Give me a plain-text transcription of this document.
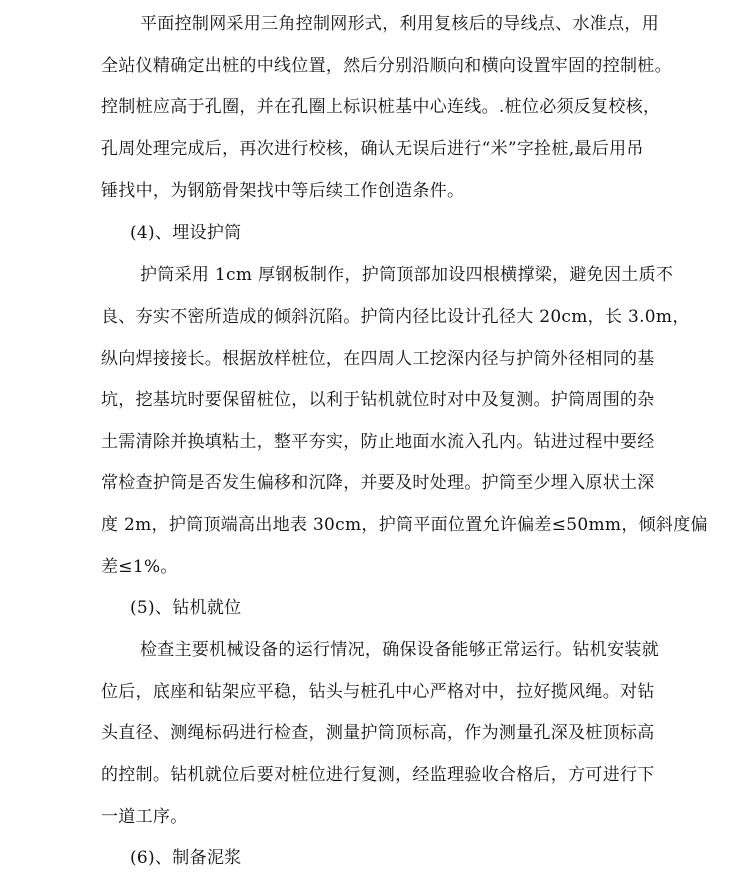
平面控制网采用三角控制网形式，利用复核后的导线点、水准点，用
全站仪精确定出桩的中线位置，然后分别沿顺向和横向设置牢固的控制桩。
控制桩应高于孔圈，并在孔圈上标识桩基中心连线。.桩位必须反复校核，
孔周处理完成后，再次进行校核，确认无误后进行“米”字拴桩,最后用吊
锤找中，为钢筋骨架找中等后续工作创造条件。
(4)、埋设护筒
护筒采用 1cm 厚钢板制作，护筒顶部加设四根横撑梁，避免因土质不
良、夯实不密所造成的倾斜沉陷。护筒内径比设计孔径大 20cm，长 3.0m，
纵向焊接接长。根据放样桩位，在四周人工挖深内径与护筒外径相同的基
坑，挖基坑时要保留桩位，以利于钻机就位时对中及复测。护筒周围的杂
土需清除并换填粘土，整平夯实，防止地面水流入孔内。钻进过程中要经
常检查护筒是否发生偏移和沉降，并要及时处理。护筒至少埋入原状土深
度 2m，护筒顶端高出地表 30cm，护筒平面位置允许偏差≤50mm，倾斜度偏
差≤1%。
(5)、钻机就位
检查主要机械设备的运行情况，确保设备能够正常运行。钻机安装就
位后，底座和钻架应平稳，钻头与桩孔中心严格对中，拉好揽风绳。对钻
头直径、测绳标码进行检查，测量护筒顶标高，作为测量孔深及桩顶标高
的控制。钻机就位后要对桩位进行复测，经监理验收合格后，方可进行下
一道工序。
(6)、制备泥浆
